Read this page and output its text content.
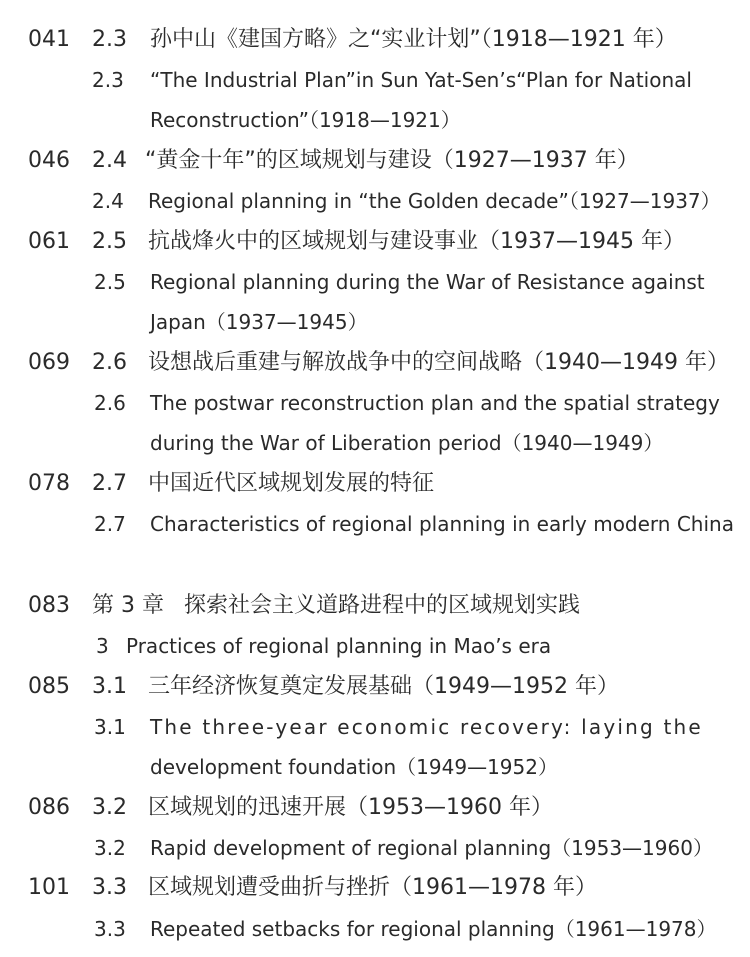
041 2.3 孙中山《建国方略》之“实业计划”（1918—1921 年）
2.3 “The Industrial Plan”in Sun Yat-Sen’s“Plan for National
Reconstruction”（1918—1921）
046 2.4 “黄金十年”的区域规划与建设（1927—1937 年）
2.4 Regional planning in “the Golden decade”（1927—1937）
061 2.5 抗战烽火中的区域规划与建设事业（1937—1945 年）
2.5 Regional planning during the War of Resistance against
Japan（1937—1945）
069 2.6 设想战后重建与解放战争中的空间战略（1940—1949 年）
2.6 The postwar reconstruction plan and the spatial strategy
during the War of Liberation period（1940—1949）
078 2.7 中国近代区域规划发展的特征
2.7 Characteristics of regional planning in early modern China
083 第 3 章 探索社会主义道路进程中的区域规划实践
3 Practices of regional planning in Mao’s era
085 3.1 三年经济恢复奠定发展基础（1949—1952 年）
3.1 The three-year economic recovery: laying the
development foundation（1949—1952）
086 3.2 区域规划的迅速开展（1953—1960 年）
3.2 Rapid development of regional planning（1953—1960）
101 3.3 区域规划遭受曲折与挫折（1961—1978 年）
3.3 Repeated setbacks for regional planning（1961—1978）
